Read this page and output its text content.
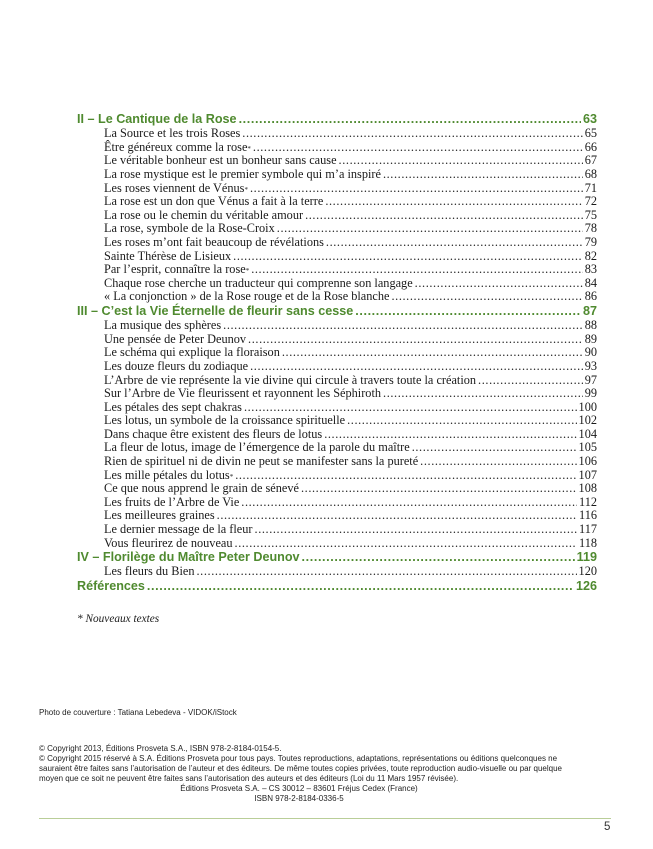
II – Le Cantique de la Rose .....	63
La Source et les trois Roses .....	65
Être généreux comme la rose * .....	66
Le véritable bonheur est un bonheur sans cause .....	67
La rose mystique est le premier symbole qui m’a inspiré .....	68
Les roses viennent de Vénus * .....	71
La rose est un don que Vénus a fait à la terre .....	72
La rose ou le chemin du véritable amour .....	75
La rose, symbole de la Rose-Croix .....	78
Les roses m’ont fait beaucoup de révélations .....	79
Sainte Thérèse de Lisieux .....	82
Par l’esprit, connaître la rose * .....	83
Chaque rose cherche un traducteur qui comprenne son langage .....	84
« La conjonction » de la Rose rouge et de la Rose blanche .....	86
III – C’est la Vie Éternelle de fleurir sans cesse .....	87
La musique des sphères .....	88
Une pensée de Peter Deunov .....	89
Le schéma qui explique la floraison .....	90
Les douze fleurs du zodiaque .....	93
L’Arbre de vie représente la vie divine qui circule à travers toute la création .....	97
Sur l’Arbre de Vie fleurissent et rayonnent les Séphiroth .....	99
Les pétales des sept chakras .....	100
Les lotus, un symbole de la croissance spirituelle .....	102
Dans chaque être existent des fleurs de lotus .....	104
La fleur de lotus, image de l’émergence de la parole du maître .....	105
Rien de spirituel ni de divin ne peut se manifester sans la pureté .....	106
Les mille pétales du lotus * .....	107
Ce que nous apprend le grain de sénevé .....	108
Les fruits de l’Arbre de Vie .....	112
Les meilleures graines .....	116
Le dernier message de la fleur .....	117
Vous fleurirez de nouveau .....	118
IV – Florilège du Maître Peter Deunov .....	119
Les fleurs du Bien .....	120
Références .....	126
* Nouveaux textes
Photo de couverture : Tatiana Lebedeva - VIDOK/iStock
© Copyright 2013, Éditions Prosveta S.A., ISBN 978-2-8184-0154-5.
© Copyright 2015 réservé à S.A. Éditions Prosveta pour tous pays. Toutes reproductions, adaptations, représentations ou éditions quelconques ne
sauraient être faites sans l’autorisation de l’auteur et des éditeurs. De même toutes copies privées, toute reproduction audio-visuelle ou par quelque
moyen que ce soit ne peuvent être faites sans l’autorisation des auteurs et des éditeurs (Loi du 11 Mars 1957 révisée).
Éditions Prosveta S.A. – CS 30012 – 83601 Fréjus Cedex (France)
ISBN 978-2-8184-0336-5
5
